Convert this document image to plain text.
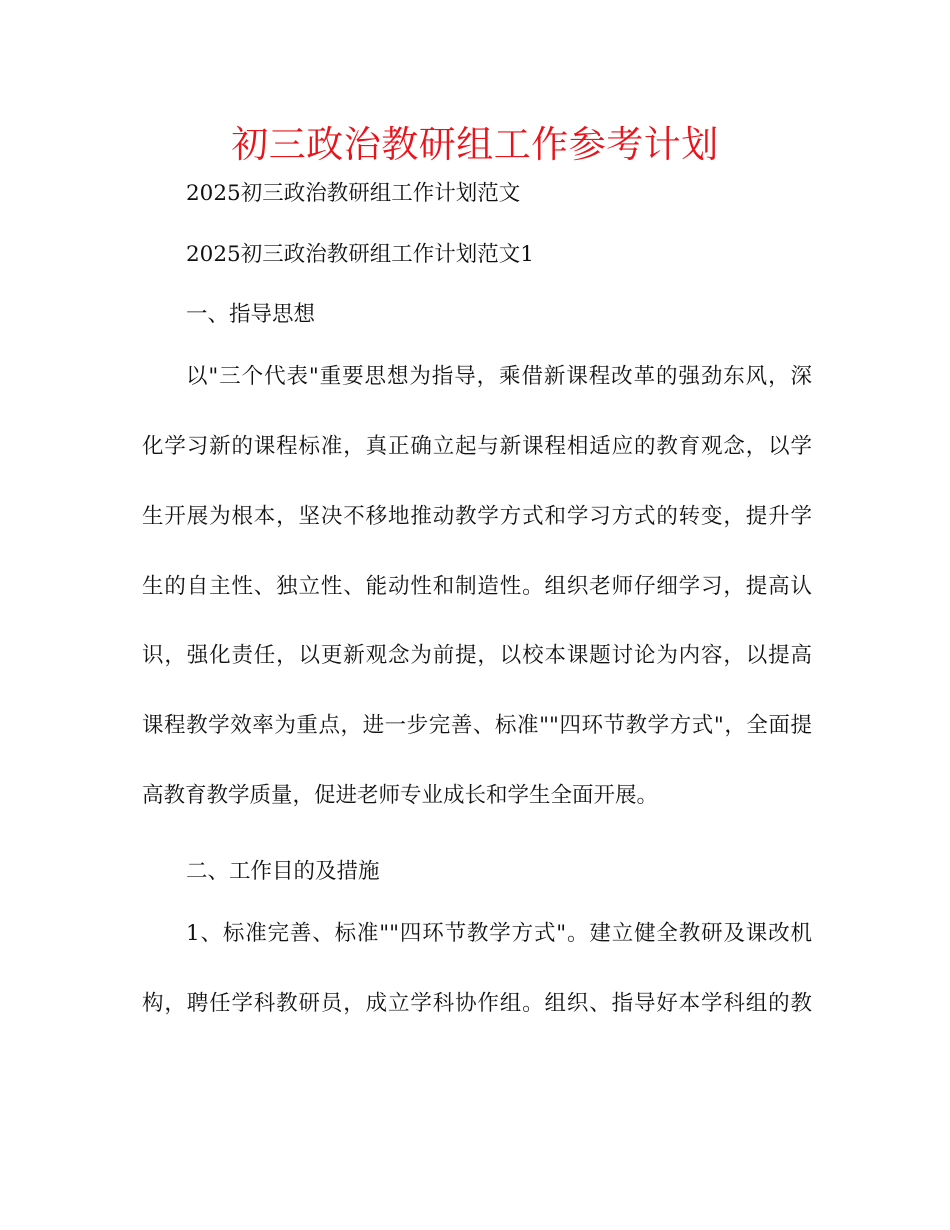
初三政治教研组工作参考计划

2025初三政治教研组工作计划范文

2025初三政治教研组工作计划范文1

一、指导思想

以"三个代表"重要思想为指导，乘借新课程改革的强劲东风，深

化学习新的课程标准，真正确立起与新课程相适应的教育观念，以学

生开展为根本，坚决不移地推动教学方式和学习方式的转变，提升学

生的自主性、独立性、能动性和制造性。组织老师仔细学习，提高认

识，强化责任，以更新观念为前提，以校本课题讨论为内容，以提高

课程教学效率为重点，进一步完善、标准""四环节教学方式"，全面提

高教育教学质量，促进老师专业成长和学生全面开展。

二、工作目的及措施

1、标准完善、标准""四环节教学方式"。建立健全教研及课改机

构，聘任学科教研员，成立学科协作组。组织、指导好本学科组的教
